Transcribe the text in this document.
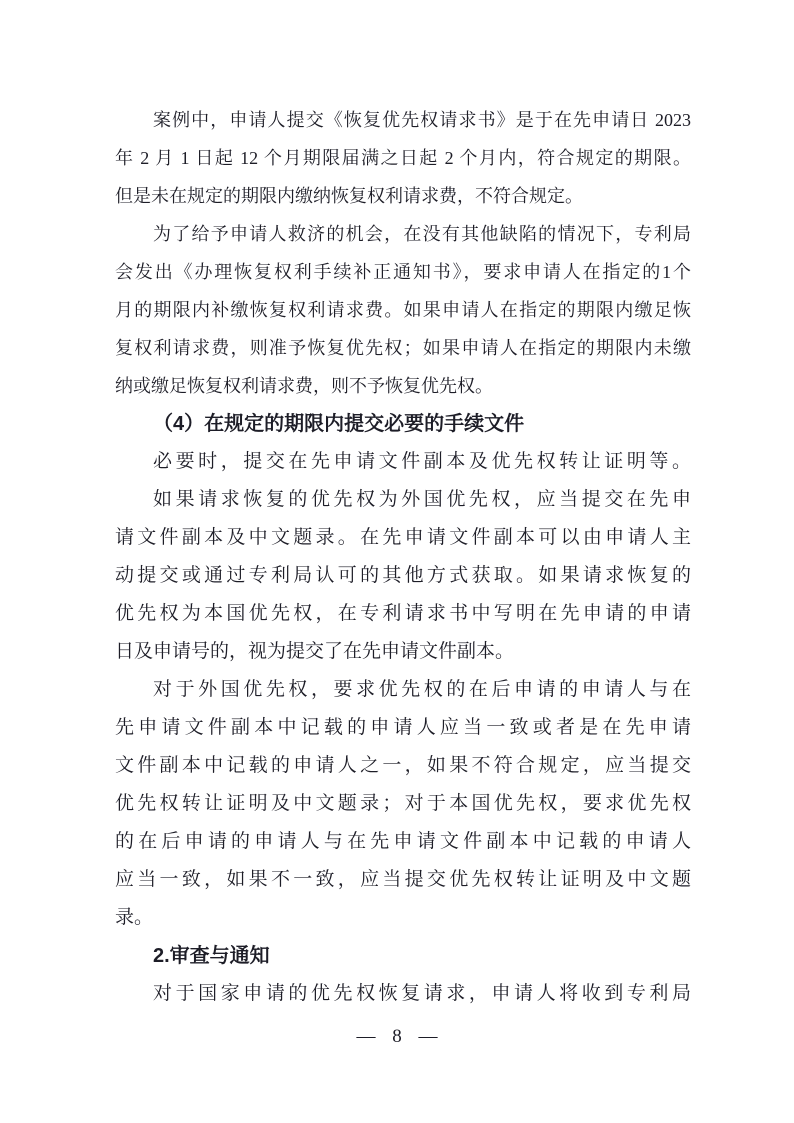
案例中，申请人提交《恢复优先权请求书》是于在先申请日 2023
年 2 月 1 日起 12 个月期限届满之日起 2 个月内，符合规定的期限。
但是未在规定的期限内缴纳恢复权利请求费，不符合规定。
为了给予申请人救济的机会，在没有其他缺陷的情况下，专利局
会发出《办理恢复权利手续补正通知书》，要求申请人在指定的1个
月的期限内补缴恢复权利请求费。如果申请人在指定的期限内缴足恢
复权利请求费，则准予恢复优先权；如果申请人在指定的期限内未缴
纳或缴足恢复权利请求费，则不予恢复优先权。
（4）在规定的期限内提交必要的手续文件
必要时，提交在先申请文件副本及优先权转让证明等。
如果请求恢复的优先权为外国优先权，应当提交在先申
请文件副本及中文题录。在先申请文件副本可以由申请人主
动提交或通过专利局认可的其他方式获取。如果请求恢复的
优先权为本国优先权，在专利请求书中写明在先申请的申请
日及申请号的，视为提交了在先申请文件副本。
对于外国优先权，要求优先权的在后申请的申请人与在
先申请文件副本中记载的申请人应当一致或者是在先申请
文件副本中记载的申请人之一，如果不符合规定，应当提交
优先权转让证明及中文题录；对于本国优先权，要求优先权
的在后申请的申请人与在先申请文件副本中记载的申请人
应当一致，如果不一致，应当提交优先权转让证明及中文题
录。
2.审查与通知
对于国家申请的优先权恢复请求，申请人将收到专利局
— 8 —
